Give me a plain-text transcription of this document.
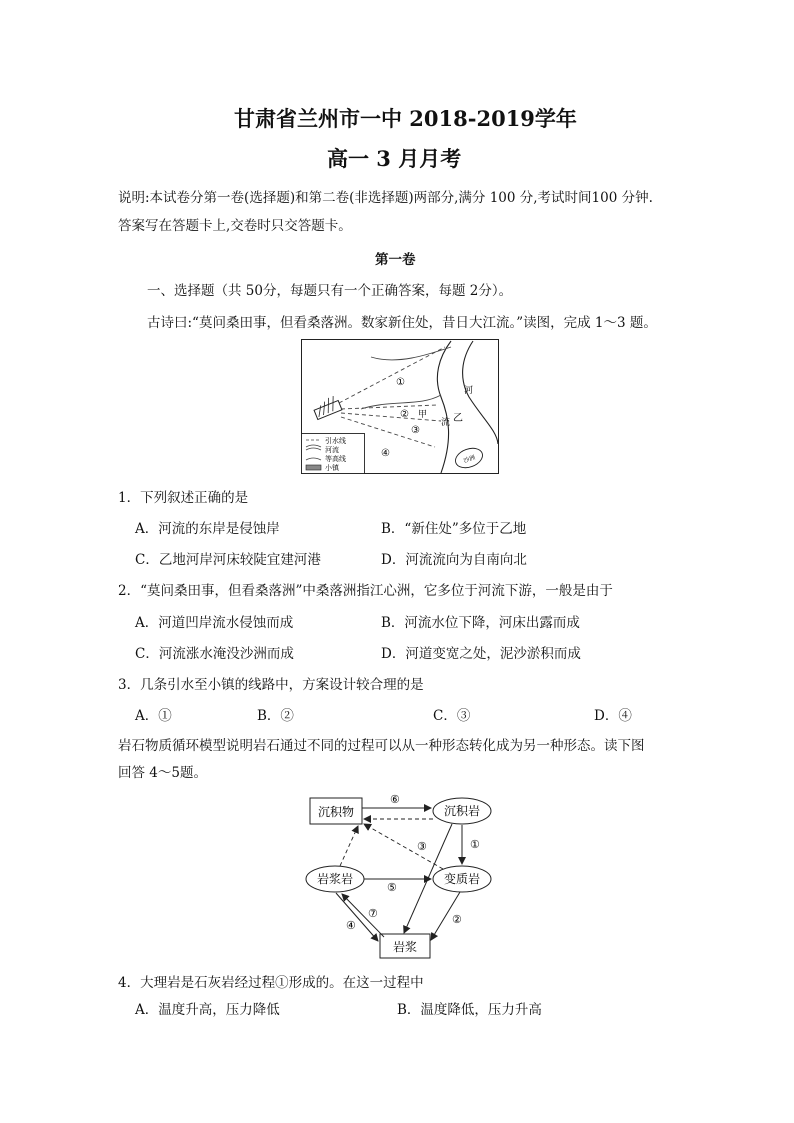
甘肃省兰州市一中 2018-2019学年
高一 3 月月考
说明:本试卷分第一卷(选择题)和第二卷(非选择题)两部分,满分 100 分,考试时间100 分钟.
答案写在答题卡上,交卷时只交答题卡。
第一卷
一、选择题（共 50分，每题只有一个正确答案，每题 2分）。
古诗曰:“莫问桑田事，但看桑落洲。数家新住处，昔日大江流。”读图，完成 1～3 题。
①
②
③
④
甲	乙
河
流
沙洲
引水线
河流
等高线
小镇
1．下列叙述正确的是
A．河流的东岸是侵蚀岸	B．“新住处”多位于乙地
C．乙地河岸河床较陡宜建河港	D．河流流向为自南向北
2．“莫问桑田事，但看桑落洲”中桑落洲指江心洲，它多位于河流下游，一般是由于
A．河道凹岸流水侵蚀而成	B．河流水位下降，河床出露而成
C．河流涨水淹没沙洲而成	D．河道变宽之处，泥沙淤积而成
3．几条引水至小镇的线路中，方案设计较合理的是
A．①	B．②	C．③	D．④
岩石物质循环模型说明岩石通过不同的过程可以从一种形态转化成为另一种形态。读下图
回答 4～5题。
沉积物	沉积岩
岩浆岩	变质岩
岩浆
①
②
③
④
⑤
⑥
⑦
4．大理岩是石灰岩经过程①形成的。在这一过程中
A．温度升高，压力降低	B．温度降低，压力升高
